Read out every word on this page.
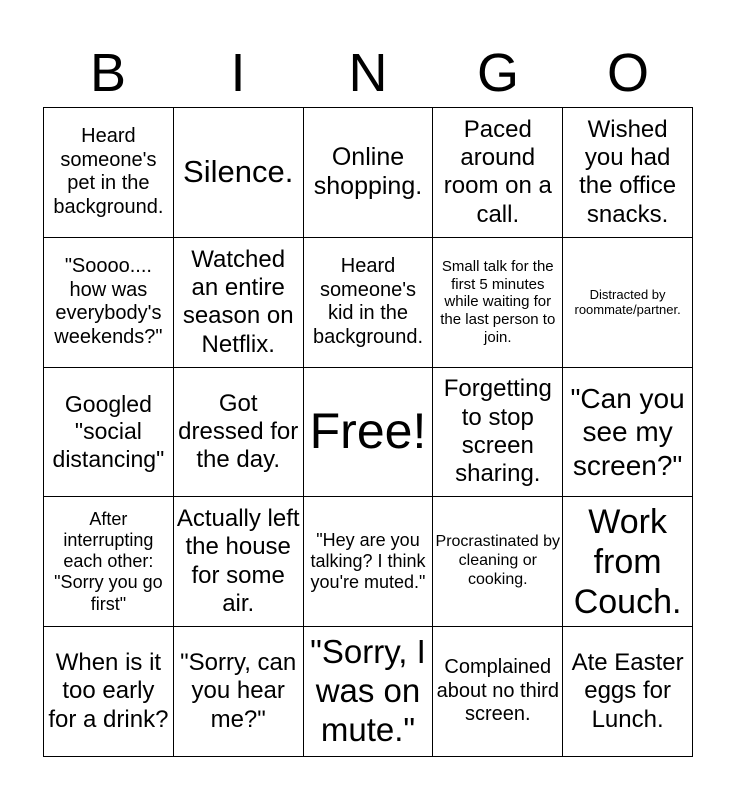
B	I	N	G	O
Heard someone's pet in the background.
Silence.	Online shopping.
Paced around room on a call.
Wished you had the office snacks.
"Soooo.... how was everybody's weekends?"
Watched an entire season on Netflix.
Heard someone's kid in the background.
Small talk for the first 5 minutes while waiting for the last person to join.
Distracted by roommate/partner.
Googled "social distancing"
Got dressed for the day.
Free!
Forgetting to stop screen sharing.
"Can you see my screen?"
After interrupting each other: "Sorry you go first"
Actually left the house for some air.
"Hey are you talking? I think you're muted."
Procrastinated by cleaning or cooking.
Work from Couch.
When is it too early for a drink?
"Sorry, can you hear me?"
"Sorry, I was on mute."
Complained about no third screen.
Ate Easter eggs for Lunch.
